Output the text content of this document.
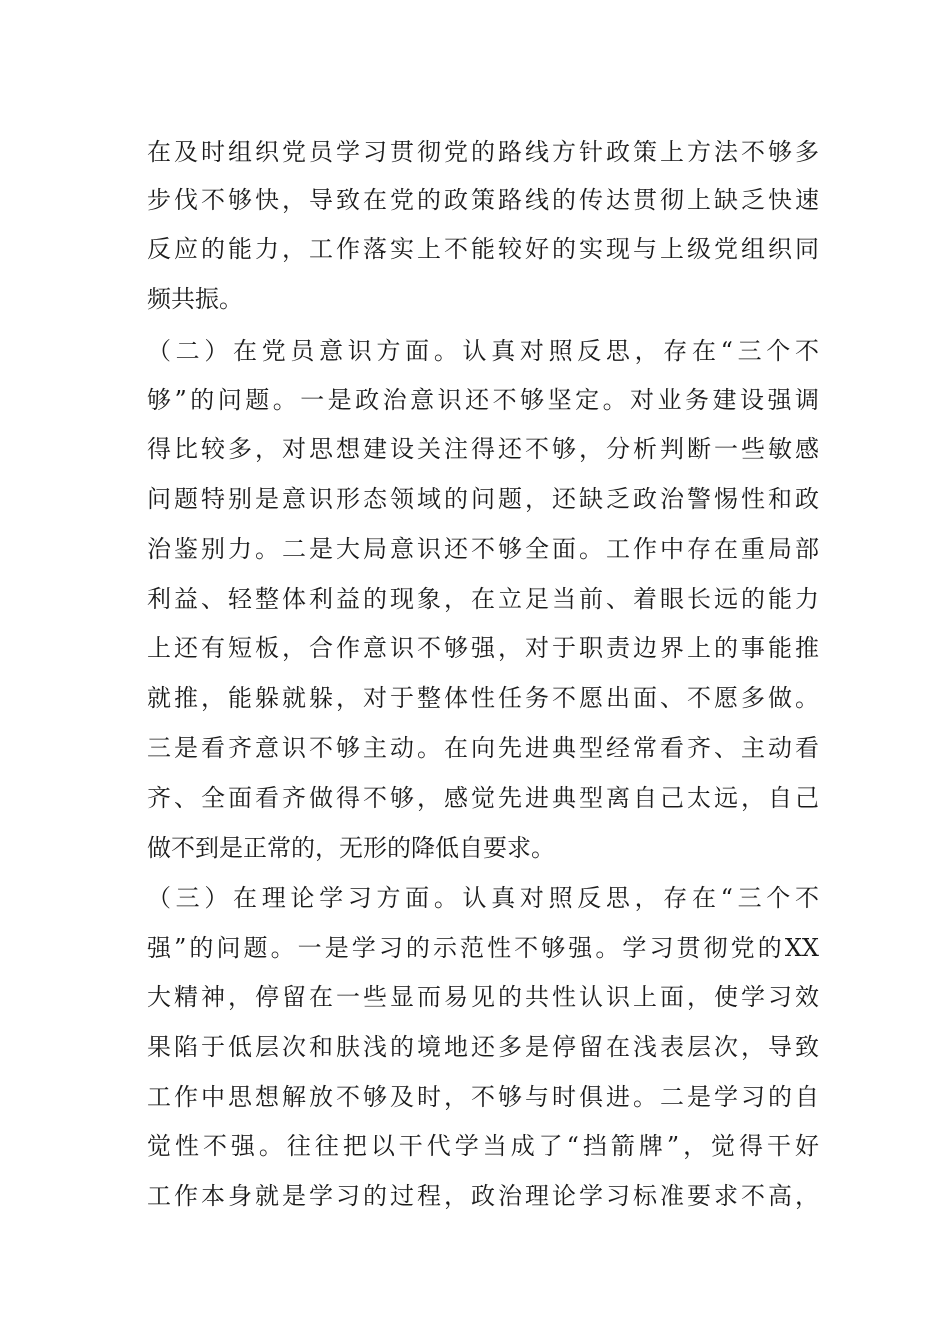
在及时组织党员学习贯彻党的路线方针政策上方法不够多
步伐不够快，导致在党的政策路线的传达贯彻上缺乏快速
反应的能力，工作落实上不能较好的实现与上级党组织同
频共振。
（二）在党员意识方面。认真对照反思，存在“三个不
够”的问题。一是政治意识还不够坚定。对业务建设强调
得比较多，对思想建设关注得还不够，分析判断一些敏感
问题特别是意识形态领域的问题，还缺乏政治警惕性和政
治鉴别力。二是大局意识还不够全面。工作中存在重局部
利益、轻整体利益的现象，在立足当前、着眼长远的能力
上还有短板，合作意识不够强，对于职责边界上的事能推
就推，能躲就躲，对于整体性任务不愿出面、不愿多做。
三是看齐意识不够主动。在向先进典型经常看齐、主动看
齐、全面看齐做得不够，感觉先进典型离自己太远，自己
做不到是正常的，无形的降低自要求。
（三）在理论学习方面。认真对照反思，存在“三个不
强”的问题。一是学习的示范性不够强。学习贯彻党的XX
大精神，停留在一些显而易见的共性认识上面，使学习效
果陷于低层次和肤浅的境地还多是停留在浅表层次，导致
工作中思想解放不够及时，不够与时俱进。二是学习的自
觉性不强。往往把以干代学当成了“挡箭牌”，觉得干好
工作本身就是学习的过程，政治理论学习标准要求不高，
